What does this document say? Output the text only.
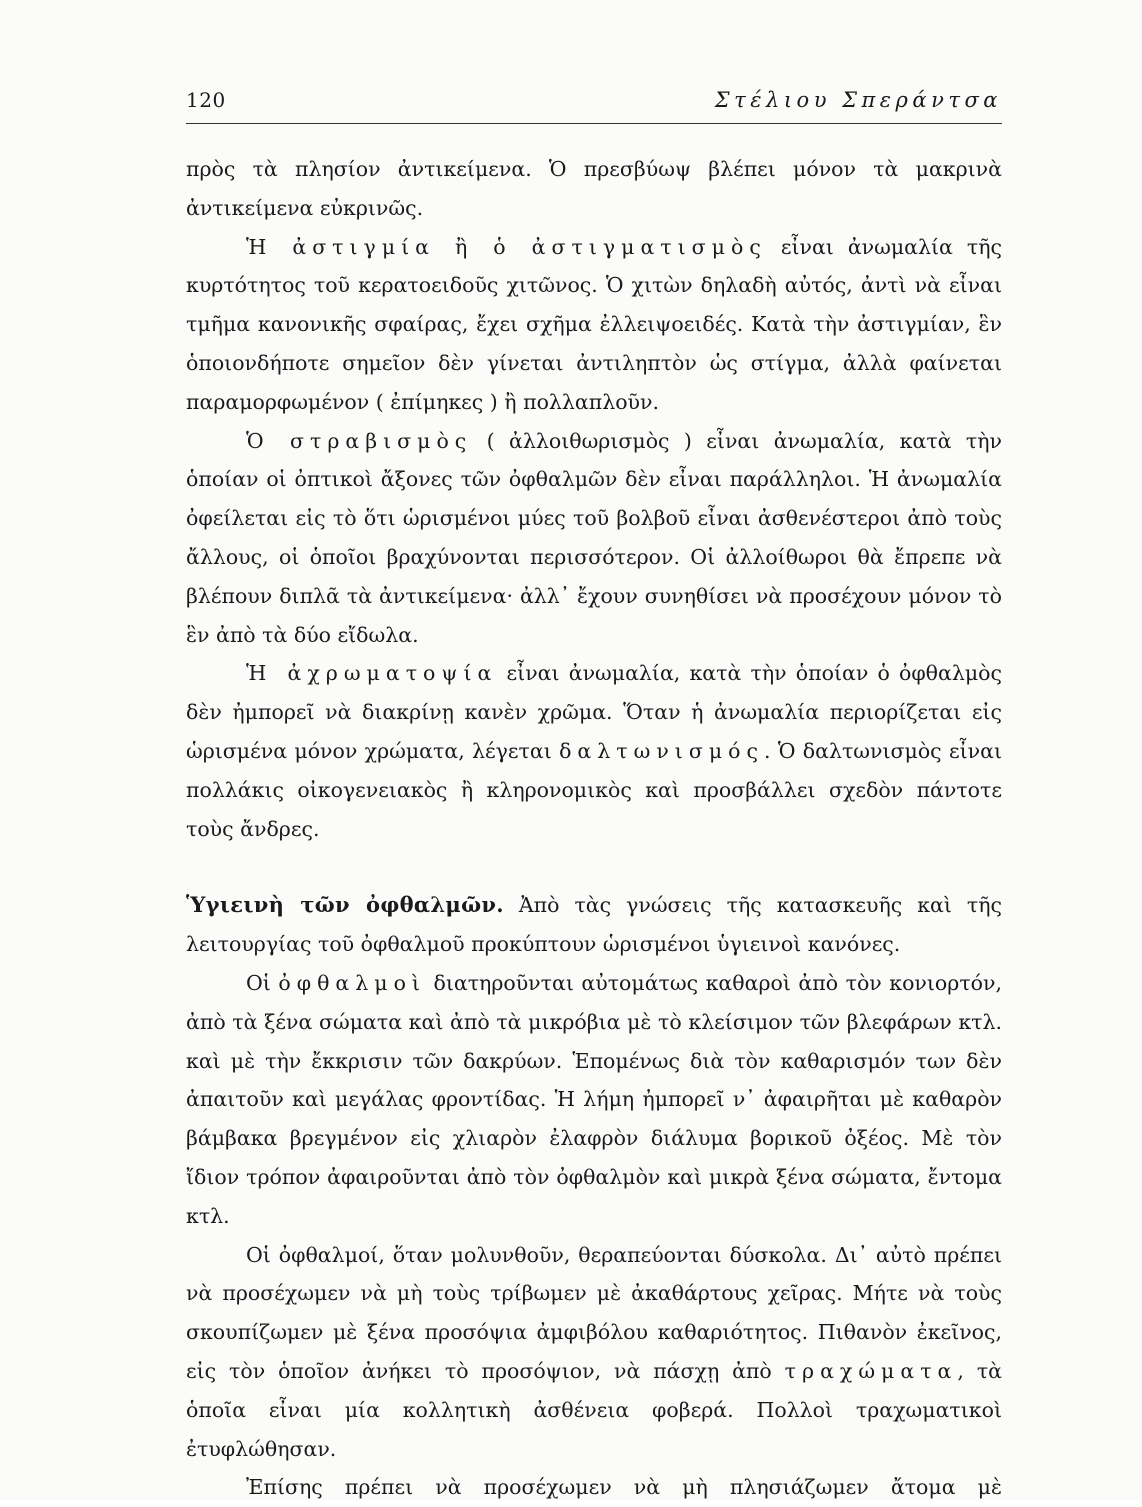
120	Στέλιου Σπεράντσα

πρὸς τὰ πλησίον ἀντικείμενα. Ὁ πρεσβύωψ βλέπει μόνον τὰ μακρινὰ ἀντικείμενα εὐκρινῶς.

Ἡ ἀστιγμία ἢ ὁ ἀστιγματισμὸς εἶναι ἀνωμαλία τῆς κυρτότητος τοῦ κερατοειδοῦς χιτῶνος. Ὁ χιτὼν δηλαδὴ αὐτός, ἀντὶ νὰ εἶναι τμῆμα κανονικῆς σφαίρας, ἔχει σχῆμα ἐλλειψοειδές. Κατὰ τὴν ἀστιγμίαν, ἓν ὁποιονδήποτε σημεῖον δὲν γίνεται ἀντιληπτὸν ὡς στίγμα, ἀλλὰ φαίνεται παραμορφωμένον ( ἐπίμηκες ) ἢ πολλαπλοῦν.

Ὁ στραβισμὸς ( ἀλλοιθωρισμὸς ) εἶναι ἀνωμαλία, κατὰ τὴν ὁποίαν οἱ ὀπτικοὶ ἄξονες τῶν ὀφθαλμῶν δὲν εἶναι παράλληλοι. Ἡ ἀνωμαλία ὀφείλεται εἰς τὸ ὅτι ὡρισμένοι μύες τοῦ βολβοῦ εἶναι ἀσθενέστεροι ἀπὸ τοὺς ἄλλους, οἱ ὁποῖοι βραχύνονται περισσότερον. Οἱ ἀλλοίθωροι θὰ ἔπρεπε νὰ βλέπουν διπλᾶ τὰ ἀντικείμενα· ἀλλ᾿ ἔχουν συνηθίσει νὰ προσέχουν μόνον τὸ ἓν ἀπὸ τὰ δύο εἴδωλα.

Ἡ ἀχρωματοψία εἶναι ἀνωμαλία, κατὰ τὴν ὁποίαν ὁ ὀφθαλμὸς δὲν ἠμπορεῖ νὰ διακρίνῃ κανὲν χρῶμα. Ὅταν ἡ ἀνωμαλία περιορίζεται εἰς ὡρισμένα μόνον χρώματα, λέγεται δαλτωνισμός. Ὁ δαλτωνισμὸς εἶναι πολλάκις οἰκογενειακὸς ἢ κληρονομικὸς καὶ προσβάλλει σχεδὸν πάντοτε τοὺς ἄνδρες.

Ὑγιεινὴ τῶν ὀφθαλμῶν. Ἀπὸ τὰς γνώσεις τῆς κατασκευῆς καὶ τῆς λειτουργίας τοῦ ὀφθαλμοῦ προκύπτουν ὡρισμένοι ὑγιεινοὶ κανόνες.

Οἱ ὀφθαλμοὶ διατηροῦνται αὐτομάτως καθαροὶ ἀπὸ τὸν κονιορτόν, ἀπὸ τὰ ξένα σώματα καὶ ἀπὸ τὰ μικρόβια μὲ τὸ κλείσιμον τῶν βλεφάρων κτλ. καὶ μὲ τὴν ἔκκρισιν τῶν δακρύων. Ἑπομένως διὰ τὸν καθαρισμόν των δὲν ἀπαιτοῦν καὶ μεγάλας φροντίδας. Ἡ λήμη ἠμπορεῖ ν᾿ ἀφαιρῆται μὲ καθαρὸν βάμβακα βρεγμένον εἰς χλιαρὸν ἐλαφρὸν διάλυμα βορικοῦ ὀξέος. Μὲ τὸν ἴδιον τρόπον ἀφαιροῦνται ἀπὸ τὸν ὀφθαλμὸν καὶ μικρὰ ξένα σώματα, ἔντομα κτλ.

Οἱ ὀφθαλμοί, ὅταν μολυνθοῦν, θεραπεύονται δύσκολα. Δι᾿ αὐτὸ πρέπει νὰ προσέχωμεν νὰ μὴ τοὺς τρίβωμεν μὲ ἀκαθάρτους χεῖρας. Μήτε νὰ τοὺς σκουπίζωμεν μὲ ξένα προσόψια ἀμφιβόλου καθαριότητος. Πιθανὸν ἐκεῖνος, εἰς τὸν ὁποῖον ἀνήκει τὸ προσόψιον, νὰ πάσχῃ ἀπὸ τραχώματα, τὰ ὁποῖα εἶναι μία κολλητικὴ ἀσθένεια φοβερά. Πολλοὶ τραχωματικοὶ ἐτυφλώθησαν.

Ἐπίσης πρέπει νὰ προσέχωμεν νὰ μὴ πλησιάζωμεν ἄτομα μὲ
